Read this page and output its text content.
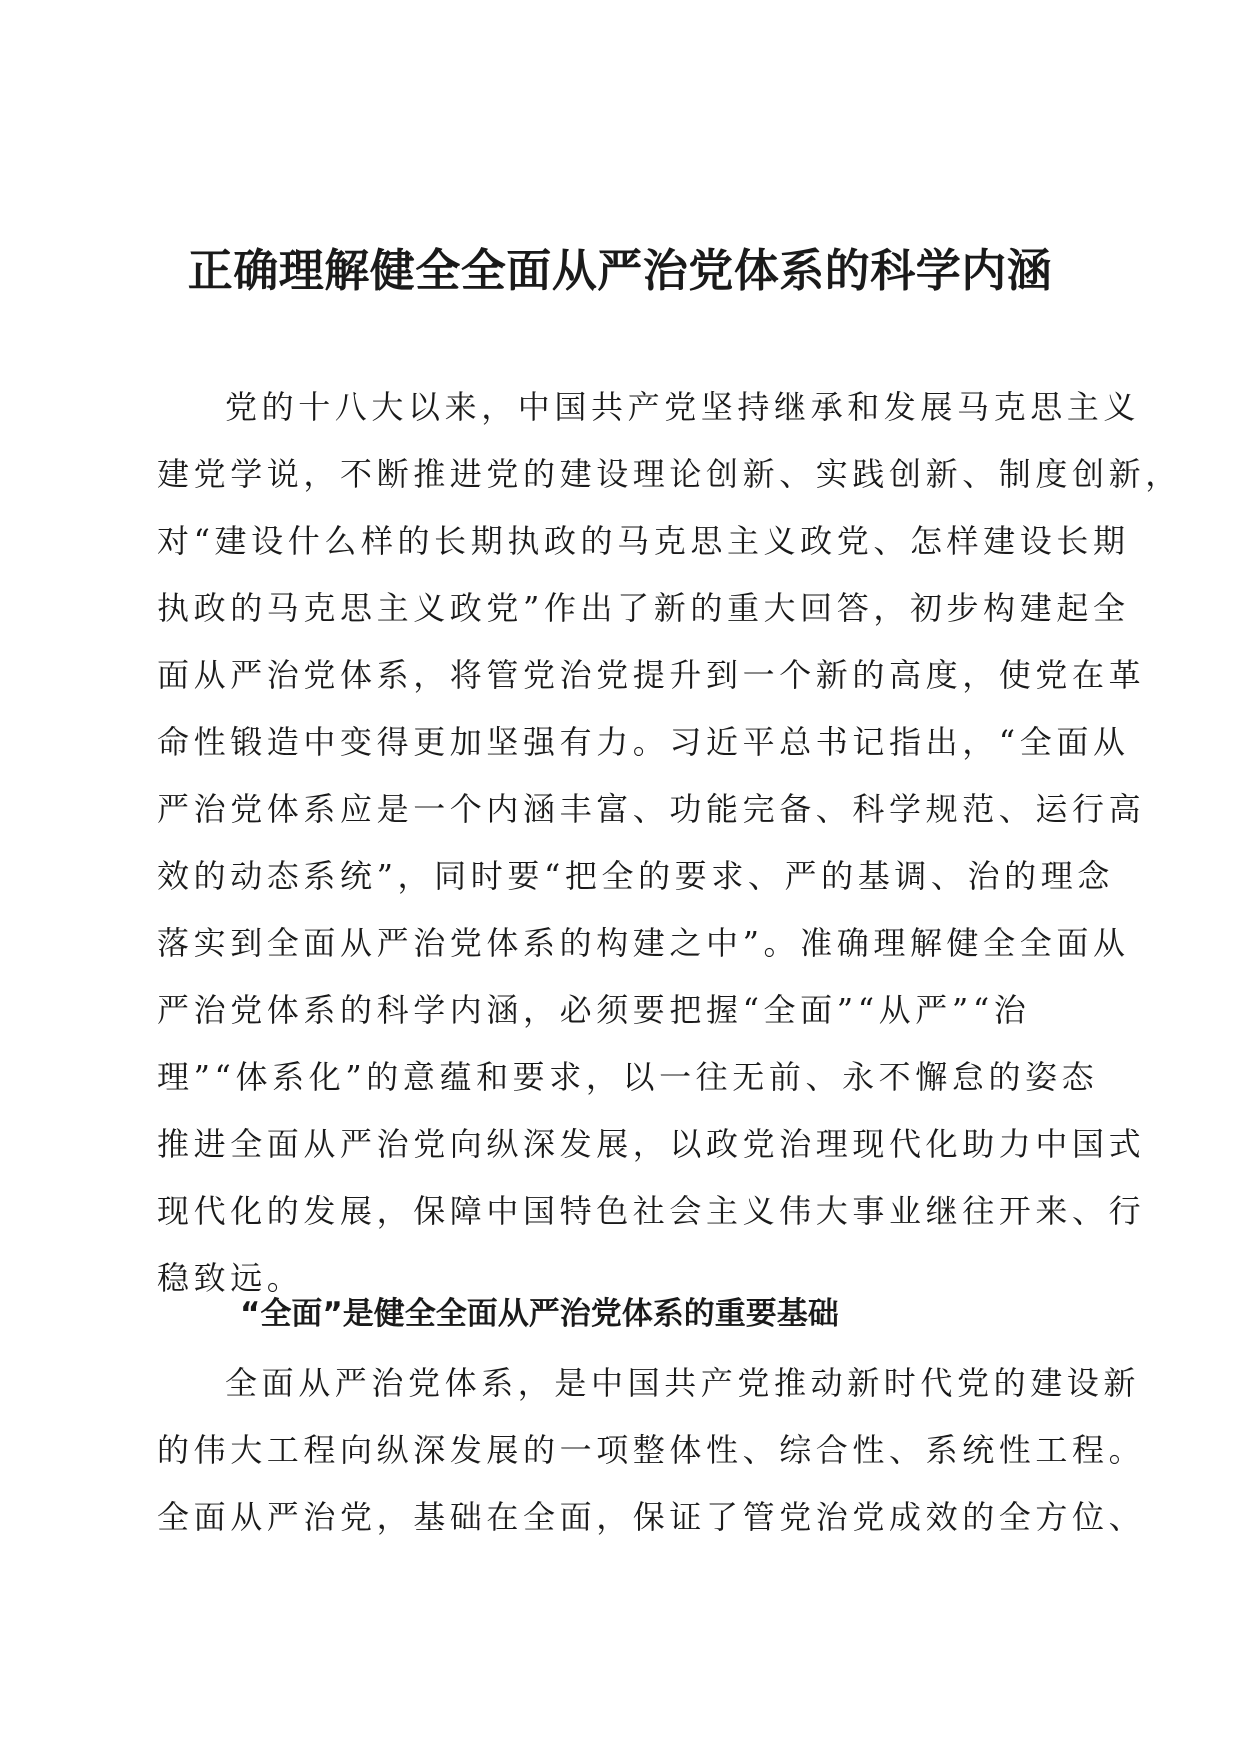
正确理解健全全面从严治党体系的科学内涵
党的十八大以来，中国共产党坚持继承和发展马克思主义
建党学说，不断推进党的建设理论创新、实践创新、制度创新，
对“建设什么样的长期执政的马克思主义政党、怎样建设长期
执政的马克思主义政党”作出了新的重大回答，初步构建起全
面从严治党体系，将管党治党提升到一个新的高度，使党在革
命性锻造中变得更加坚强有力。习近平总书记指出，“全面从
严治党体系应是一个内涵丰富、功能完备、科学规范、运行高
效的动态系统”，同时要“把全的要求、严的基调、治的理念
落实到全面从严治党体系的构建之中”。准确理解健全全面从
严治党体系的科学内涵，必须要把握“全面”“从严”“治
理”“体系化”的意蕴和要求，以一往无前、永不懈怠的姿态
推进全面从严治党向纵深发展，以政党治理现代化助力中国式
现代化的发展，保障中国特色社会主义伟大事业继往开来、行
稳致远。
“全面”是健全全面从严治党体系的重要基础
全面从严治党体系，是中国共产党推动新时代党的建设新
的伟大工程向纵深发展的一项整体性、综合性、系统性工程。
全面从严治党，基础在全面，保证了管党治党成效的全方位、
